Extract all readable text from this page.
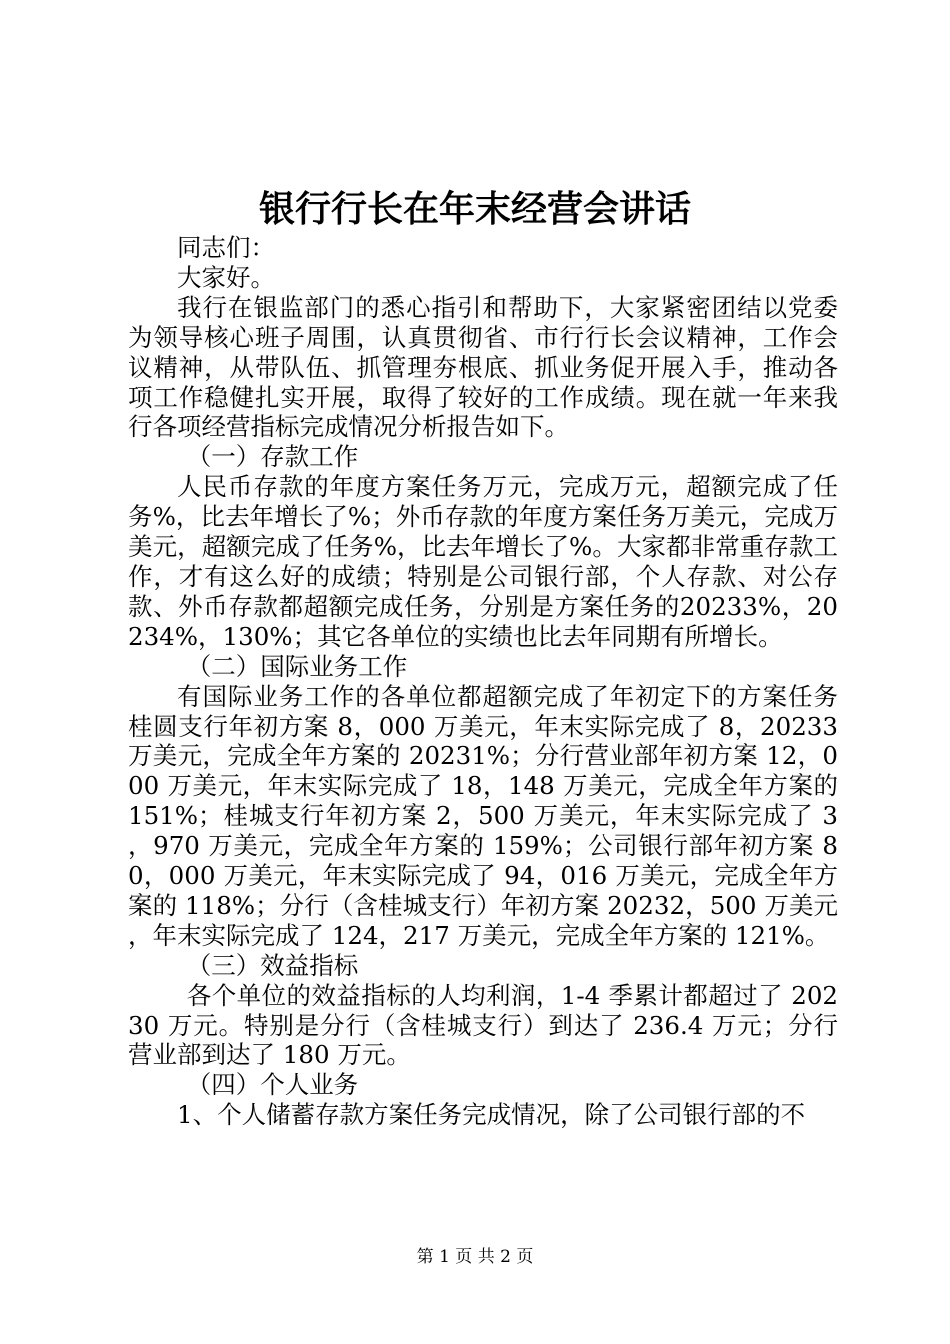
银行行长在年末经营会讲话

同志们：

大家好。

我行在银监部门的悉心指引和帮助下，大家紧密团结以党委为领导核心班子周围，认真贯彻省、市行行长会议精神，工作会议精神，从带队伍、抓管理夯根底、抓业务促开展入手，推动各项工作稳健扎实开展，取得了较好的工作成绩。现在就一年来我行各项经营指标完成情况分析报告如下。

（一）存款工作

人民币存款的年度方案任务万元，完成万元，超额完成了任务%，比去年增长了%；外币存款的年度方案任务万美元，完成万美元，超额完成了任务%，比去年增长了%。大家都非常重存款工作，才有这么好的成绩；特别是公司银行部，个人存款、对公存款、外币存款都超额完成任务，分别是方案任务的20233%，20234%，130%；其它各单位的实绩也比去年同期有所增长。

（二）国际业务工作

有国际业务工作的各单位都超额完成了年初定下的方案任务桂圆支行年初方案 8，000 万美元，年末实际完成了 8，20233 万美元，完成全年方案的 20231%；分行营业部年初方案 12，000 万美元，年末实际完成了 18，148 万美元，完成全年方案的 151%；桂城支行年初方案 2，500 万美元，年末实际完成了 3，970 万美元，完成全年方案的 159%；公司银行部年初方案 80，000 万美元，年末实际完成了 94，016 万美元，完成全年方案的 118%；分行（含桂城支行）年初方案 20232，500 万美元，年末实际完成了 124，217 万美元，完成全年方案的 121%。

（三）效益指标

各个单位的效益指标的人均利润，1-4 季累计都超过了 20230 万元。特别是分行（含桂城支行）到达了 236.4 万元；分行营业部到达了 180 万元。

（四）个人业务

1、个人储蓄存款方案任务完成情况，除了公司银行部的不

第 1 页 共 2 页
